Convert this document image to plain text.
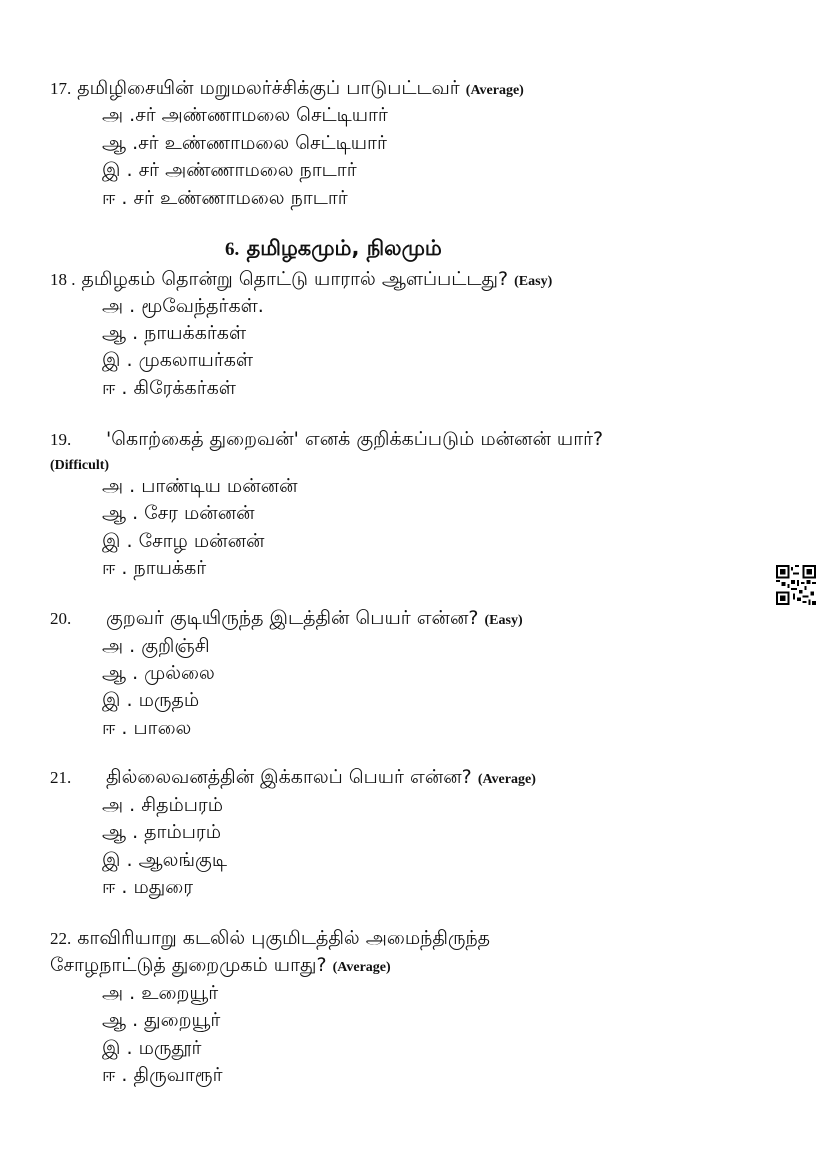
17. தமிழிசையின் மறுமலர்ச்சிக்குப் பாடுபட்டவர் (Average)
அ .சர் அண்ணாமலை செட்டியார்
ஆ .சர் உண்ணாமலை செட்டியார்
இ . சர் அண்ணாமலை நாடார்
ஈ . சர் உண்ணாமலை நாடார்
6. தமிழகமும், நிலமும்
18 . தமிழகம் தொன்று தொட்டு யாரால் ஆளப்பட்டது? (Easy)
அ . மூவேந்தர்கள்.
ஆ . நாயக்கர்கள்
இ . முகலாயர்கள்
ஈ . கிரேக்கர்கள்
19. 'கொற்கைத் துறைவன்' எனக் குறிக்கப்படும் மன்னன் யார்?
(Difficult)
அ . பாண்டிய மன்னன்
ஆ . சேர மன்னன்
இ . சோழ மன்னன்
ஈ . நாயக்கர்
20. குறவர் குடியிருந்த இடத்தின் பெயர் என்ன? (Easy)
அ . குறிஞ்சி
ஆ . முல்லை
இ . மருதம்
ஈ . பாலை
21. தில்லைவனத்தின் இக்காலப் பெயர் என்ன? (Average)
அ . சிதம்பரம்
ஆ . தாம்பரம்
இ . ஆலங்குடி
ஈ . மதுரை
22. காவிரியாறு கடலில் புகுமிடத்தில் அமைந்திருந்த
சோழநாட்டுத் துறைமுகம் யாது? (Average)
அ . உறையூர்
ஆ . துறையூர்
இ . மருதூர்
ஈ . திருவாரூர்
